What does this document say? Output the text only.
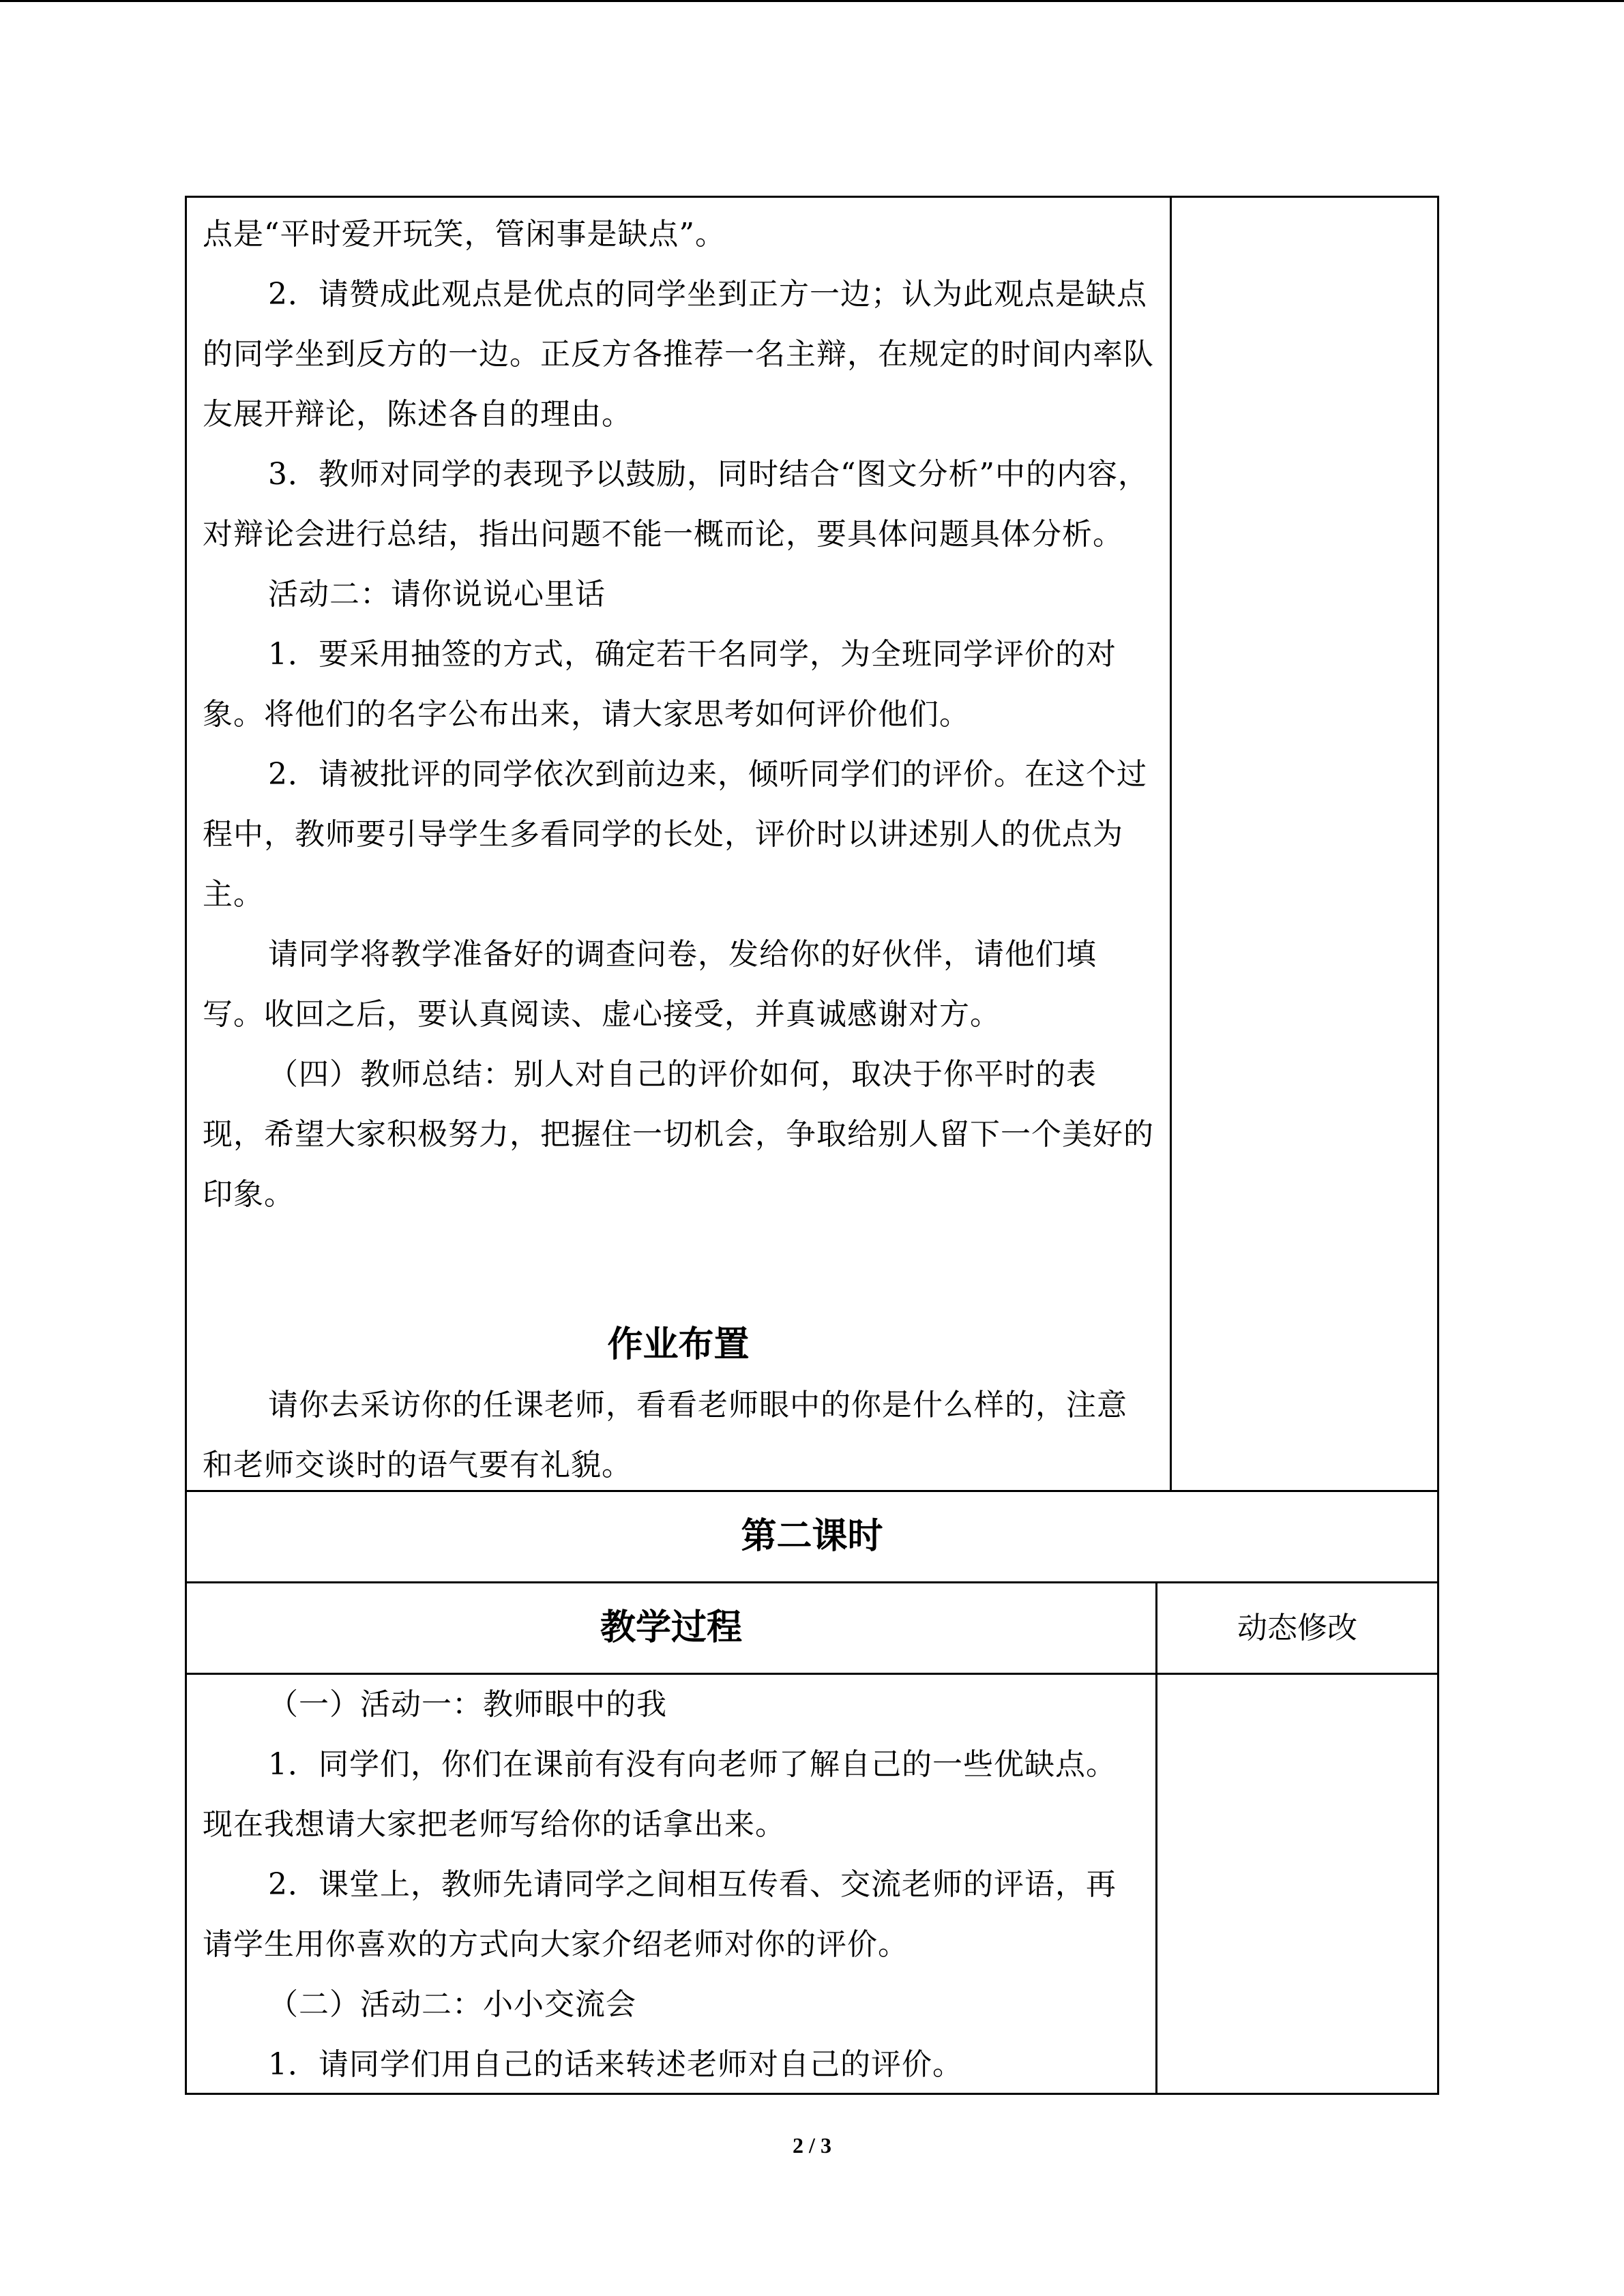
点是“平时爱开玩笑，管闲事是缺点”。

2．请赞成此观点是优点的同学坐到正方一边；认为此观点是缺点的同学坐到反方的一边。正反方各推荐一名主辩，在规定的时间内率队友展开辩论，陈述各自的理由。

3．教师对同学的表现予以鼓励，同时结合“图文分析”中的内容，对辩论会进行总结，指出问题不能一概而论，要具体问题具体分析。

活动二：请你说说心里话

1．要采用抽签的方式，确定若干名同学，为全班同学评价的对象。将他们的名字公布出来，请大家思考如何评价他们。

2．请被批评的同学依次到前边来，倾听同学们的评价。在这个过程中，教师要引导学生多看同学的长处，评价时以讲述别人的优点为主。

请同学将教学准备好的调查问卷，发给你的好伙伴，请他们填写。收回之后，要认真阅读、虚心接受，并真诚感谢对方。

（四）教师总结：别人对自己的评价如何，取决于你平时的表现，希望大家积极努力，把握住一切机会，争取给别人留下一个美好的印象。

作业布置

请你去采访你的任课老师，看看老师眼中的你是什么样的，注意和老师交谈时的语气要有礼貌。

第二课时
教学过程	动态修改

（一）活动一：教师眼中的我

1．同学们，你们在课前有没有向老师了解自己的一些优缺点。现在我想请大家把老师写给你的话拿出来。

2．课堂上，教师先请同学之间相互传看、交流老师的评语，再请学生用你喜欢的方式向大家介绍老师对你的评价。

（二）活动二：小小交流会

1．请同学们用自己的话来转述老师对自己的评价。

2 / 3
